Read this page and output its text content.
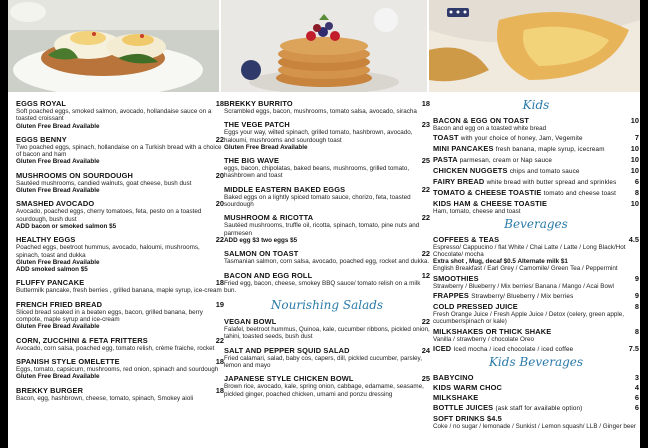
EGGS ROYAL	18
Soft poached eggs, smoked salmon, avocado, hollandaise sauce on a toasted croissant
Gluten Free Bread Available
EGGS BENNY	22
Two poached eggs, spinach, hollandaise on a Turkish bread with a choice of bacon and ham
Gluten Free Bread Available
MUSHROOMS ON SOURDOUGH	20
Sautéed mushrooms, candied walnuts, goat cheese, bush dust
Gluten Free Bread Available
SMASHED AVOCADO	20
Avocado, poached eggs, cherry tomatoes, feta, pesto on a toasted sourdough, bush dust
ADD bacon or smoked salmon $5
HEALTHY EGGS	22
Poached eggs, beetroot hummus, avocado, haloumi, mushrooms, spinach, toast and dukka
Gluten Free Bread Available
ADD smoked salmon $5
FLUFFY PANCAKE	18
Buttermilk pancake, fresh berries , grilled banana, maple syrup, ice-cream
FRENCH FRIED BREAD	19
Sliced bread soaked in a beaten eggs, bacon, grilled banana, berry compote, maple syrup and ice-cream
Gluten Free Bread Available
CORN, ZUCCHINI & FETA FRITTERS	22
Avocado, corn salsa, poached egg, tomato relish, crème fraiche, rocket
SPANISH STYLE OMELETTE	18
Eggs, tomato, capsicum, mushrooms, red onion, spinach and sourdough
Gluten Free Bread Available
BREKKY BURGER	18
Bacon, egg, hashbrown, cheese, tomato, spinach, Smokey aioli
BREKKY BURRITO	18
Scrambled eggs, bacon, mushrooms, tomato salsa, avocado, siracha
THE VEGE PATCH	23
Eggs your way, wilted spinach, grilled tomato, hashbrown, avocado, haloumi, mushrooms and sourdough toast
Gluten Free Bread Available
THE BIG WAVE	25
eggs, bacon, chipolatas, baked beans, mushrooms, grilled tomato, hashbrown and toast
MIDDLE EASTERN BAKED EGGS	22
Baked eggs on a lightly spiced tomato sauce, chorizo, feta, toasted sourdough
MUSHROOM & RICOTTA	22
Sautéed mushrooms, truffle oil, ricotta, spinach, tomato, pine nuts and parmesen
ADD egg $3 two eggs $5
SALMON ON TOAST	22
Tasmanian salmon, corn salsa, avocado, poached egg, rocket and dukka.
BACON AND EGG ROLL	12
Fried egg, bacon, cheese, smokey BBQ sauce/ tomato relish on a milk bun.
Nourishing Salads
VEGAN BOWL	22
Falafel, beetroot hummus, Quinoa, kale, cucumber ribbons, pickled onion, tahini, toasted seeds, bush dust
SALT AND PEPPER SQUID SALAD	24
Fried calamari, salad, baby cos, capers, dill, pickled cucumber, parsley, lemon and mayo
JAPANESE STYLE CHICKEN BOWL	25
Brown rice, avocado, kale, spring onion, cabbage, edamame, seasame, pickled ginger, poached chicken, umami and ponzu dressing
Kids
BACON & EGG ON TOAST	10
Bacon and egg on a toasted white bread
TOAST with your choice of honey, Jam, Vegemite	7
MINI PANCAKES fresh banana, maple syrup, icecream	10
PASTA parmesan, cream or Nap sauce	10
CHICKEN NUGGETS chips and tomato sauce	10
FAIRY BREAD white bread with butter spread and sprinkles	6
TOMATO & CHEESE TOASTIE tomato and cheese toast	8
KIDS HAM & CHEESE TOASTIE	10
Ham, tomato, cheese and toast
Beverages
COFFEES & TEAS	4.5
Espresso/ Cappucino / flat White / Chai Latte / Latte / Long Black/Hot Chocolate/ mocha
Extra shot , Mug, decaf $0.5 Alternate milk $1
English Breakfast / Earl Grey / Camomile/ Green Tea / Peppermint
SMOOTHIES	9
Strawberry / Blueberry / Mix berries/ Banana / Mango / Acai Bowl
FRAPPES Strawberry/ Blueberry / Mix berries	9
COLD PRESSED JUICE	8
Fresh Orange Juice / Fresh Apple Juice / Detox (celery, green apple, cucumber/spinach or kale)
MILKSHAKES OR THICK SHAKE	8
Vanilla / strawberry / chocolate Oreo
ICED Iced mocha / iced chocolate / iced coffee	7.5
Kids Beverages
BABYCINO	3
KIDS WARM CHOC	4
MILKSHAKE	6
BOTTLE JUICES (ask staff for available option)	6
SOFT DRINKS $4.5
Coke / no sugar / lemonade / Sunkist / Lemon squash/ LLB / Ginger beer
